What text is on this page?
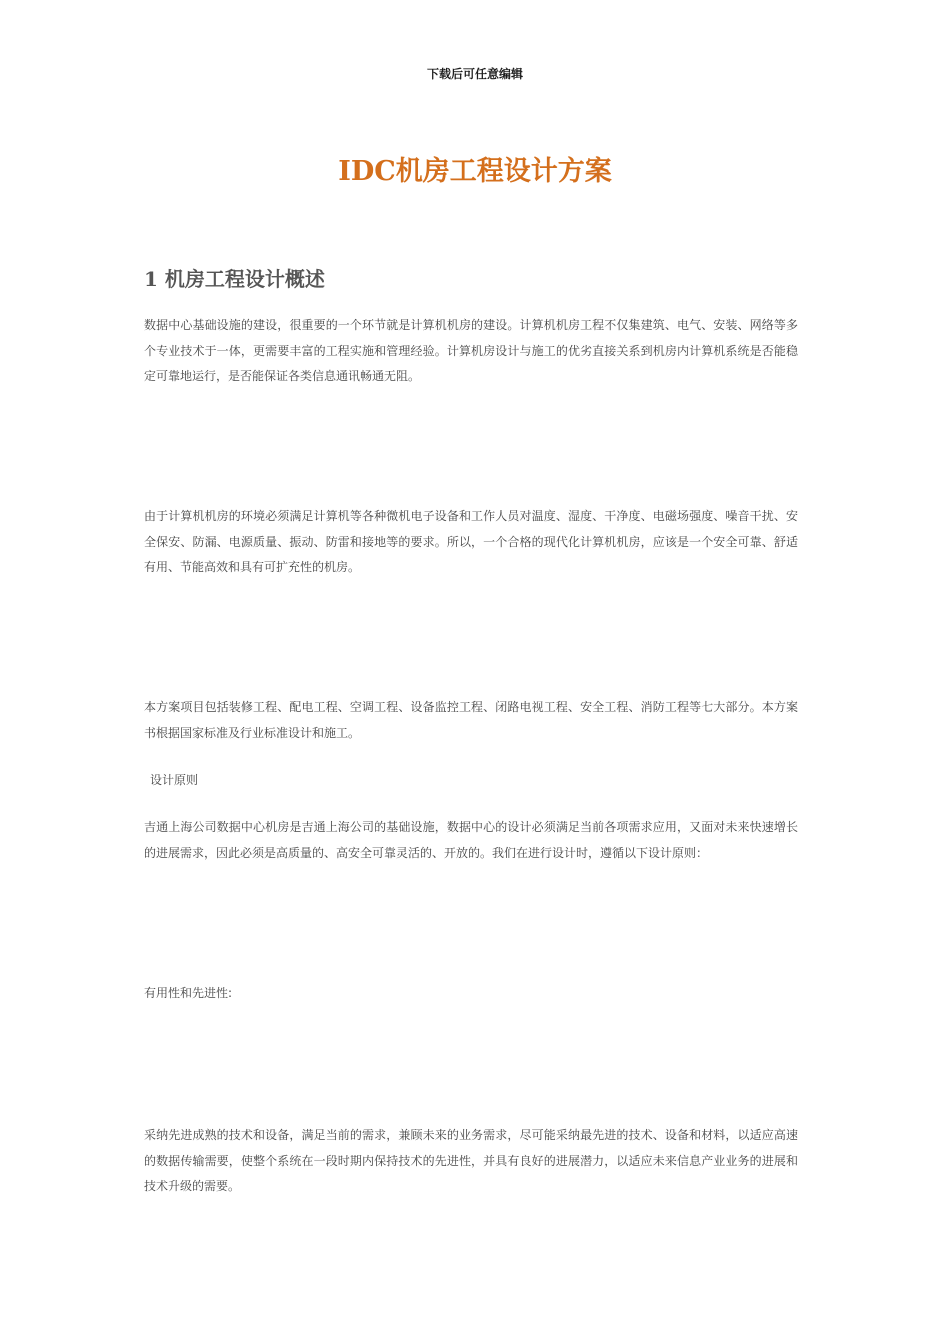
下载后可任意编辑
IDC机房工程设计方案
1 机房工程设计概述

数据中心基础设施的建设，很重要的一个环节就是计算机机房的建设。计算机机房工程不仅集建筑、电气、安装、网络等多个专业技术于一体，更需要丰富的工程实施和管理经验。计算机房设计与施工的优劣直接关系到机房内计算机系统是否能稳定可靠地运行，是否能保证各类信息通讯畅通无阻。

由于计算机机房的环境必须满足计算机等各种微机电子设备和工作人员对温度、湿度、干净度、电磁场强度、噪音干扰、安全保安、防漏、电源质量、振动、防雷和接地等的要求。所以，一个合格的现代化计算机机房，应该是一个安全可靠、舒适有用、节能高效和具有可扩充性的机房。

本方案项目包括装修工程、配电工程、空调工程、设备监控工程、闭路电视工程、安全工程、消防工程等七大部分。本方案书根据国家标准及行业标准设计和施工。

设计原则

吉通上海公司数据中心机房是吉通上海公司的基础设施，数据中心的设计必须满足当前各项需求应用，又面对未来快速增长的进展需求，因此必须是高质量的、高安全可靠灵活的、开放的。我们在进行设计时，遵循以下设计原则：

有用性和先进性:

采纳先进成熟的技术和设备，满足当前的需求，兼顾未来的业务需求，尽可能采纳最先进的技术、设备和材料，以适应高速的数据传输需要，使整个系统在一段时期内保持技术的先进性，并具有良好的进展潜力，以适应未来信息产业业务的进展和技术升级的需要。
